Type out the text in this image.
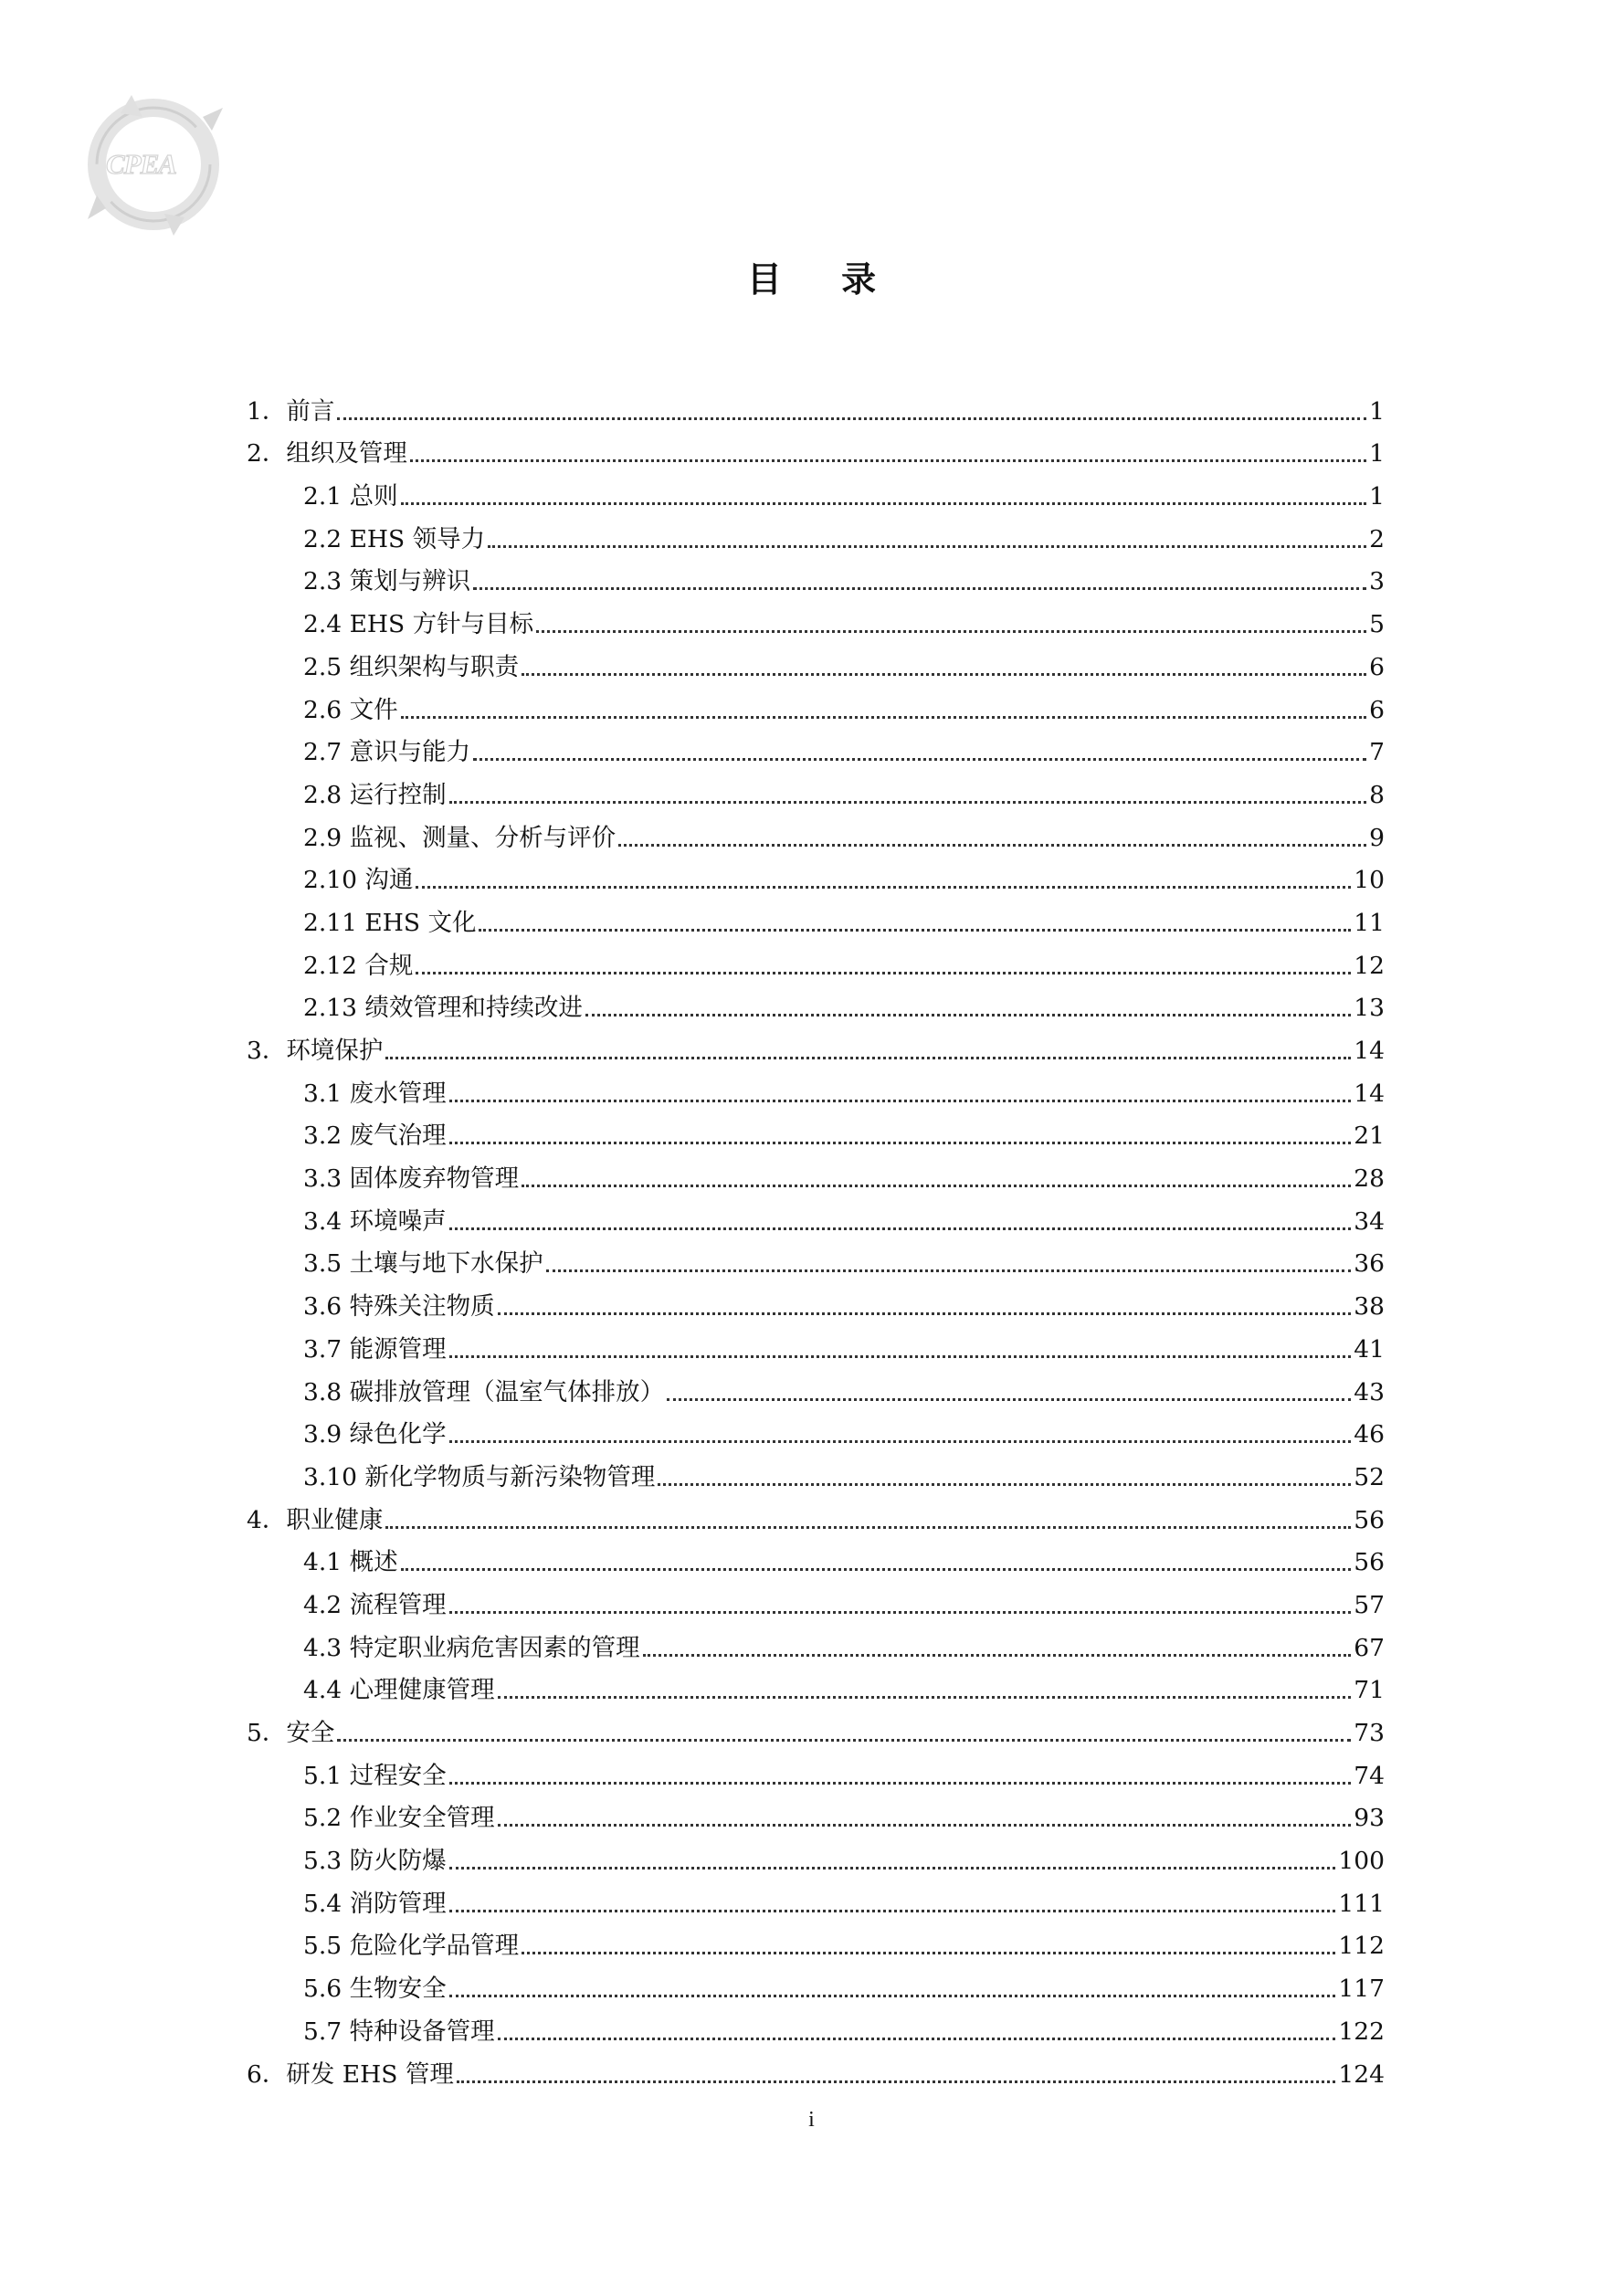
CPEA
目 录
1．前言	1
2．组织及管理	1
2.1 总则	1
2.2 EHS 领导力	2
2.3 策划与辨识	3
2.4 EHS 方针与目标	5
2.5 组织架构与职责	6
2.6 文件	6
2.7 意识与能力	7
2.8 运行控制	8
2.9 监视、测量、分析与评价	9
2.10 沟通	10
2.11 EHS 文化	11
2.12 合规	12
2.13 绩效管理和持续改进	13
3．环境保护	14
3.1 废水管理	14
3.2 废气治理	21
3.3 固体废弃物管理	28
3.4 环境噪声	34
3.5 土壤与地下水保护	36
3.6 特殊关注物质	38
3.7 能源管理	41
3.8 碳排放管理（温室气体排放）	43
3.9 绿色化学	46
3.10 新化学物质与新污染物管理	52
4．职业健康	56
4.1 概述	56
4.2 流程管理	57
4.3 特定职业病危害因素的管理	67
4.4 心理健康管理	71
5．安全	73
5.1 过程安全	74
5.2 作业安全管理	93
5.3 防火防爆	100
5.4 消防管理	111
5.5 危险化学品管理	112
5.6 生物安全	117
5.7 特种设备管理	122
6．研发 EHS 管理	124
i
